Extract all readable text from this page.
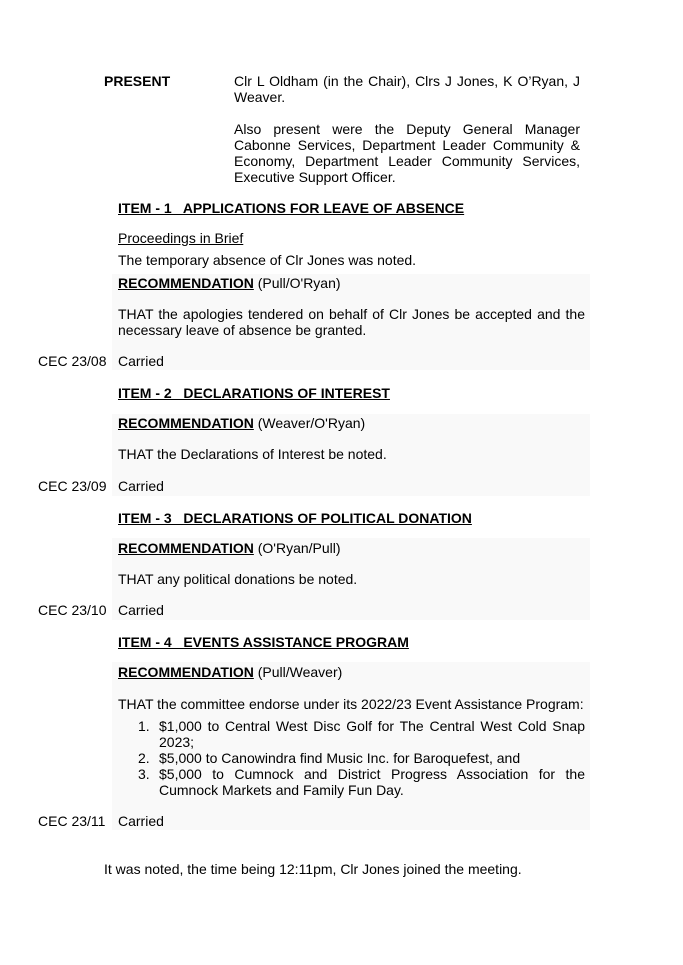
PRESENT	Clr L Oldham (in the Chair), Clrs J Jones, K O’Ryan, J Weaver.
Also present were the Deputy General Manager Cabonne Services, Department Leader Community & Economy, Department Leader Community Services, Executive Support Officer.
ITEM - 1   APPLICATIONS FOR LEAVE OF ABSENCE
Proceedings in Brief
The temporary absence of Clr Jones was noted.
RECOMMENDATION (Pull/O'Ryan)
THAT the apologies tendered on behalf of Clr Jones be accepted and the necessary leave of absence be granted.
CEC 23/08 Carried
ITEM - 2   DECLARATIONS OF INTEREST
RECOMMENDATION (Weaver/O'Ryan)
THAT the Declarations of Interest be noted.
CEC 23/09 Carried
ITEM - 3   DECLARATIONS OF POLITICAL DONATION
RECOMMENDATION (O'Ryan/Pull)
THAT any political donations be noted.
CEC 23/10 Carried
ITEM - 4   EVENTS ASSISTANCE PROGRAM
RECOMMENDATION (Pull/Weaver)
THAT the committee endorse under its 2022/23 Event Assistance Program:
1. $1,000 to Central West Disc Golf for The Central West Cold Snap 2023;
2. $5,000 to Canowindra find Music Inc. for Baroquefest, and
3. $5,000 to Cumnock and District Progress Association for the Cumnock Markets and Family Fun Day.
CEC 23/11 Carried
It was noted, the time being 12:11pm, Clr Jones joined the meeting.
